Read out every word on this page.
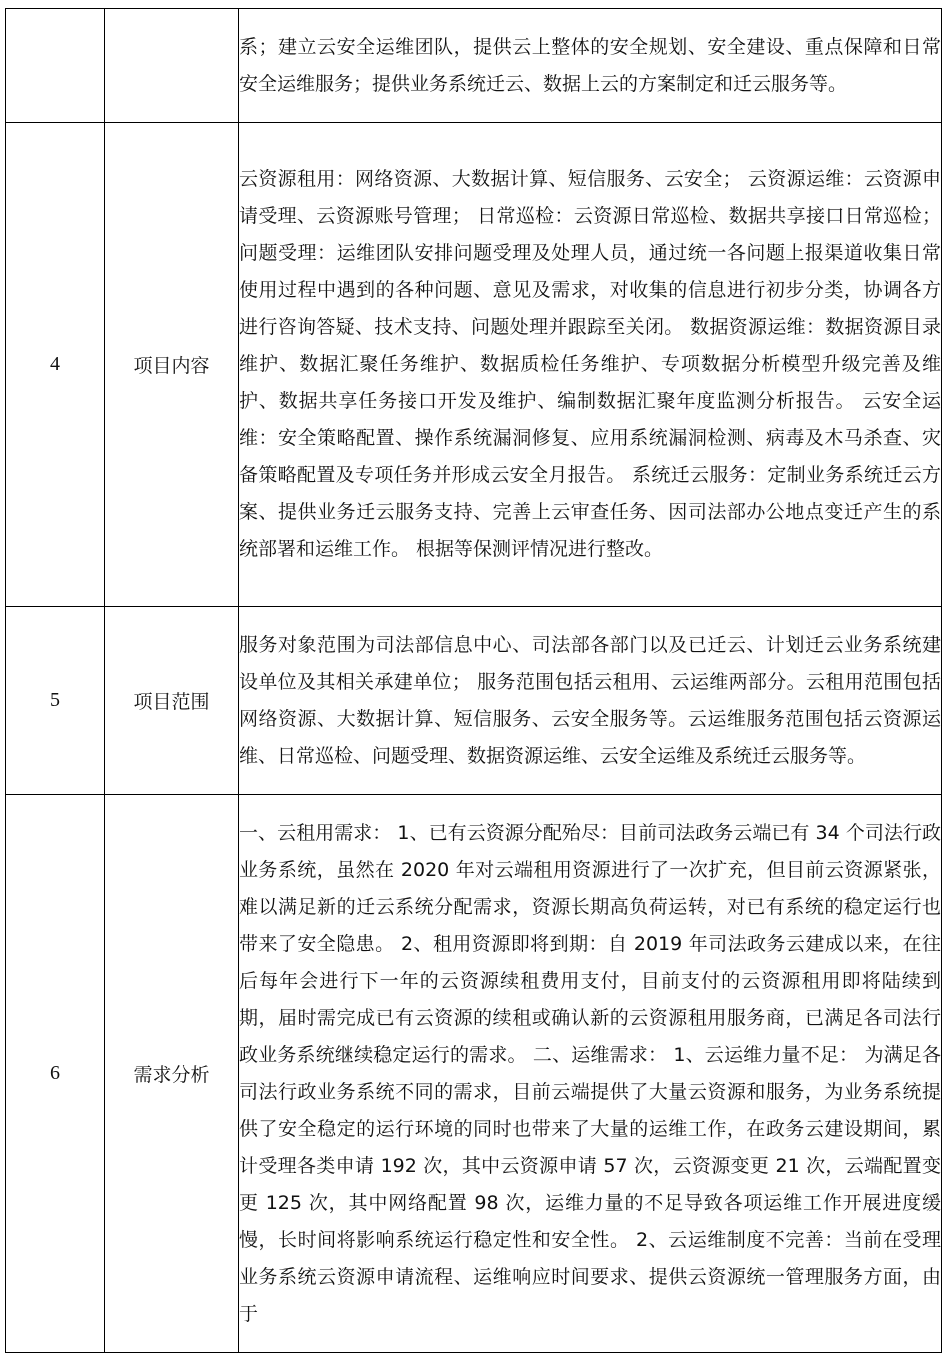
		系；建立云安全运维团队，提供云上整体的安全规划、安全建设、重点保障和日常安全运维服务；提供业务系统迁云、数据上云的方案制定和迁云服务等。

4	项目内容	云资源租用：网络资源、大数据计算、短信服务、云安全； 云资源运维：云资源申请受理、云资源账号管理； 日常巡检：云资源日常巡检、数据共享接口日常巡检； 问题受理：运维团队安排问题受理及处理人员，通过统一各问题上报渠道收集日常使用过程中遇到的各种问题、意见及需求，对收集的信息进行初步分类，协调各方进行咨询答疑、技术支持、问题处理并跟踪至关闭。 数据资源运维：数据资源目录维护、数据汇聚任务维护、数据质检任务维护、专项数据分析模型升级完善及维护、数据共享任务接口开发及维护、编制数据汇聚年度监测分析报告。 云安全运维：安全策略配置、操作系统漏洞修复、应用系统漏洞检测、病毒及木马杀查、灾备策略配置及专项任务并形成云安全月报告。 系统迁云服务：定制业务系统迁云方案、提供业务迁云服务支持、完善上云审查任务、因司法部办公地点变迁产生的系统部署和运维工作。 根据等保测评情况进行整改。

5	项目范围	服务对象范围为司法部信息中心、司法部各部门以及已迁云、计划迁云业务系统建设单位及其相关承建单位； 服务范围包括云租用、云运维两部分。云租用范围包括网络资源、大数据计算、短信服务、云安全服务等。云运维服务范围包括云资源运维、日常巡检、问题受理、数据资源运维、云安全运维及系统迁云服务等。

6	需求分析	一、云租用需求： 1、已有云资源分配殆尽：目前司法政务云端已有 34 个司法行政业务系统，虽然在 2020 年对云端租用资源进行了一次扩充，但目前云资源紧张，难以满足新的迁云系统分配需求，资源长期高负荷运转，对已有系统的稳定运行也带来了安全隐患。 2、租用资源即将到期：自 2019 年司法政务云建成以来，在往后每年会进行下一年的云资源续租费用支付，目前支付的云资源租用即将陆续到期，届时需完成已有云资源的续租或确认新的云资源租用服务商，已满足各司法行政业务系统继续稳定运行的需求。 二、运维需求： 1、云运维力量不足： 为满足各司法行政业务系统不同的需求，目前云端提供了大量云资源和服务，为业务系统提供了安全稳定的运行环境的同时也带来了大量的运维工作，在政务云建设期间，累计受理各类申请 192 次，其中云资源申请 57 次，云资源变更 21 次，云端配置变更 125 次，其中网络配置 98 次，运维力量的不足导致各项运维工作开展进度缓慢，长时间将影响系统运行稳定性和安全性。 2、云运维制度不完善：当前在受理业务系统云资源申请流程、运维响应时间要求、提供云资源统一管理服务方面，由于
